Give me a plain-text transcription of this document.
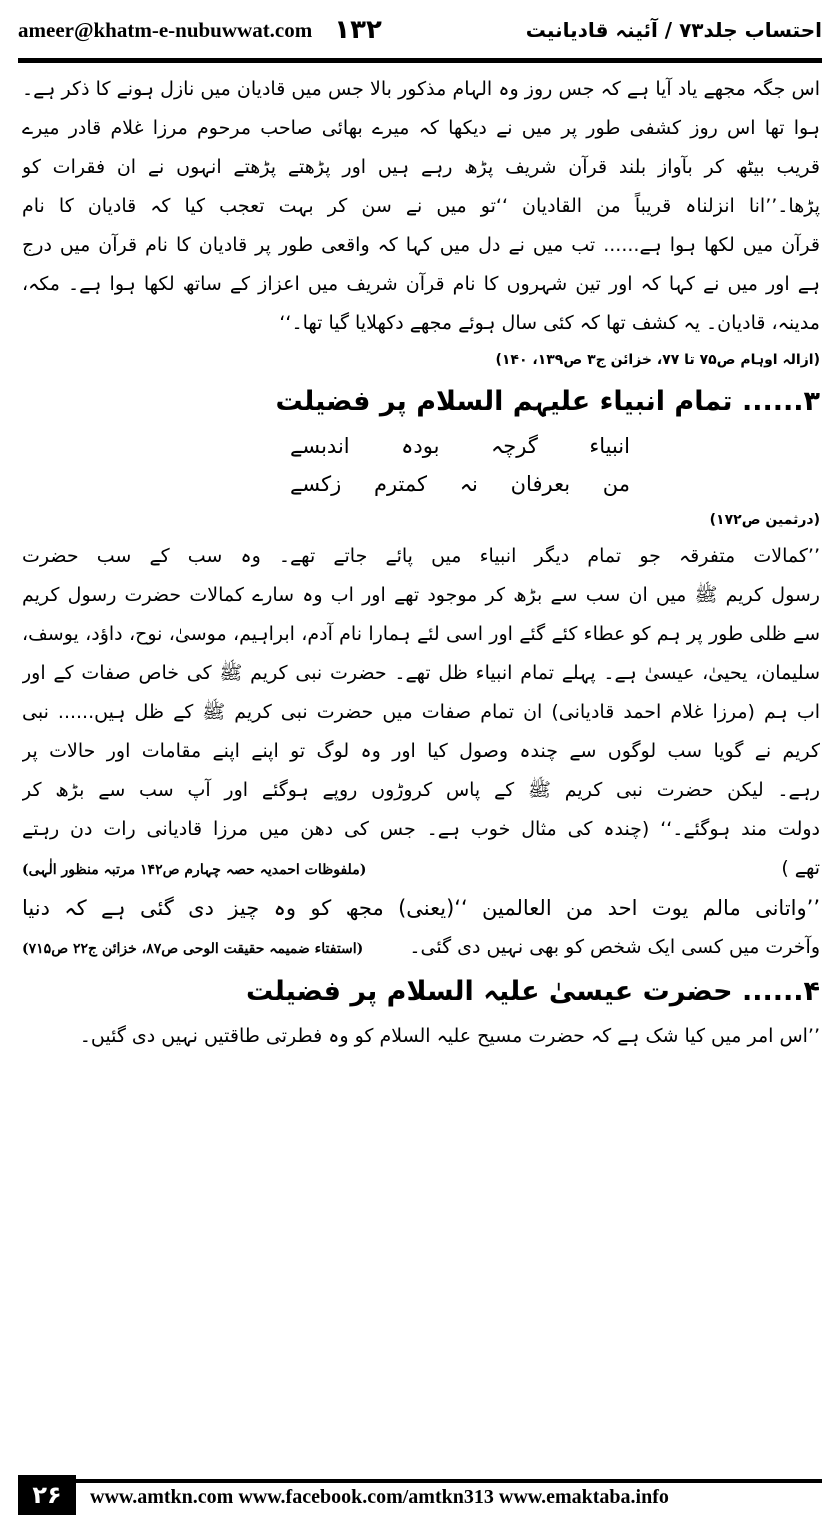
ameer@khatm-e-nubuwwat.com ۱۳۲	احتساب جلد۷۳ / آئینہ قادیانیت
اس جگہ مجھے یاد آیا ہے کہ جس روز وہ الہام مذکور بالا جس میں قادیان میں نازل ہونے کا ذکر ہے۔
ہوا تھا اس روز کشفی طور پر میں نے دیکھا کہ میرے بھائی صاحب مرحوم مرزا غلام قادر میرے
قریب بیٹھ کر بآواز بلند قرآن شریف پڑھ رہے ہیں اور پڑھتے پڑھتے انہوں نے ان فقرات کو
پڑھا۔’’انا انزلناہ قریباً من القادیان ‘‘تو میں نے سن کر بہت تعجب کیا کہ قادیان کا نام
قرآن میں لکھا ہوا ہے...... تب میں نے دل میں کہا کہ واقعی طور پر قادیان کا نام قرآن میں درج
ہے اور میں نے کہا کہ اور تین شہروں کا نام قرآن شریف میں اعزاز کے ساتھ لکھا ہوا ہے۔ مکہ،
مدینہ، قادیان۔ یہ کشف تھا کہ کئی سال ہوئے مجھے دکھلایا گیا تھا۔‘‘
(ازالہ اوہام ص۷۵ تا ۷۷، خزائن ج۳ ص۱۳۹، ۱۴۰)
۳...... تمام انبیاء علیہم السلام پر فضیلت
انبیاء
گرچہ
بودہ
اندبسے
من
بعرفان
نہ
کمترم
زکسے
(درثمین ص۱۷۲)
’’کمالات متفرقہ جو تمام دیگر انبیاء میں پائے جاتے تھے۔ وہ سب کے سب حضرت
رسول کریم ﷺ میں ان سب سے بڑھ کر موجود تھے اور اب وہ سارے کمالات حضرت رسول کریم
سے ظلی طور پر ہم کو عطاء کئے گئے اور اسی لئے ہمارا نام آدم، ابراہیم، موسیٰ، نوح، داؤد، یوسف،
سلیمان، یحییٰ، عیسیٰ ہے۔ پہلے تمام انبیاء ظل تھے۔ حضرت نبی کریم ﷺ کی خاص صفات کے اور
اب ہم (مرزا غلام احمد قادیانی) ان تمام صفات میں حضرت نبی کریم ﷺ کے ظل ہیں...... نبی
کریم نے گویا سب لوگوں سے چندہ وصول کیا اور وہ لوگ تو اپنے اپنے مقامات اور حالات پر
رہے۔ لیکن حضرت نبی کریم ﷺ کے پاس کروڑوں روپے ہوگئے اور آپ سب سے بڑھ کر
دولت مند ہوگئے۔‘‘ (چندہ کی مثال خوب ہے۔ جس کی دھن میں مرزا قادیانی رات دن رہتے
تھے )
(ملفوظات احمدیہ حصہ چہارم ص۱۴۲ مرتبہ منظور الٰہی)
’’واتانی مالم یوت احد من العالمین ‘‘(یعنی) مجھ کو وہ چیز دی گئی ہے کہ دنیا
وآخرت میں کسی ایک شخص کو بھی نہیں دی گئی۔
(استفتاء ضمیمہ حقیقت الوحی ص۸۷، خزائن ج۲۲ ص۷۱۵)
۴...... حضرت عیسیٰ علیہ السلام پر فضیلت
’’اس امر میں کیا شک ہے کہ حضرت مسیح علیہ السلام کو وہ فطرتی طاقتیں نہیں دی گئیں۔
۲۶	www.amtkn.com www.facebook.com/amtkn313 www.emaktaba.info
